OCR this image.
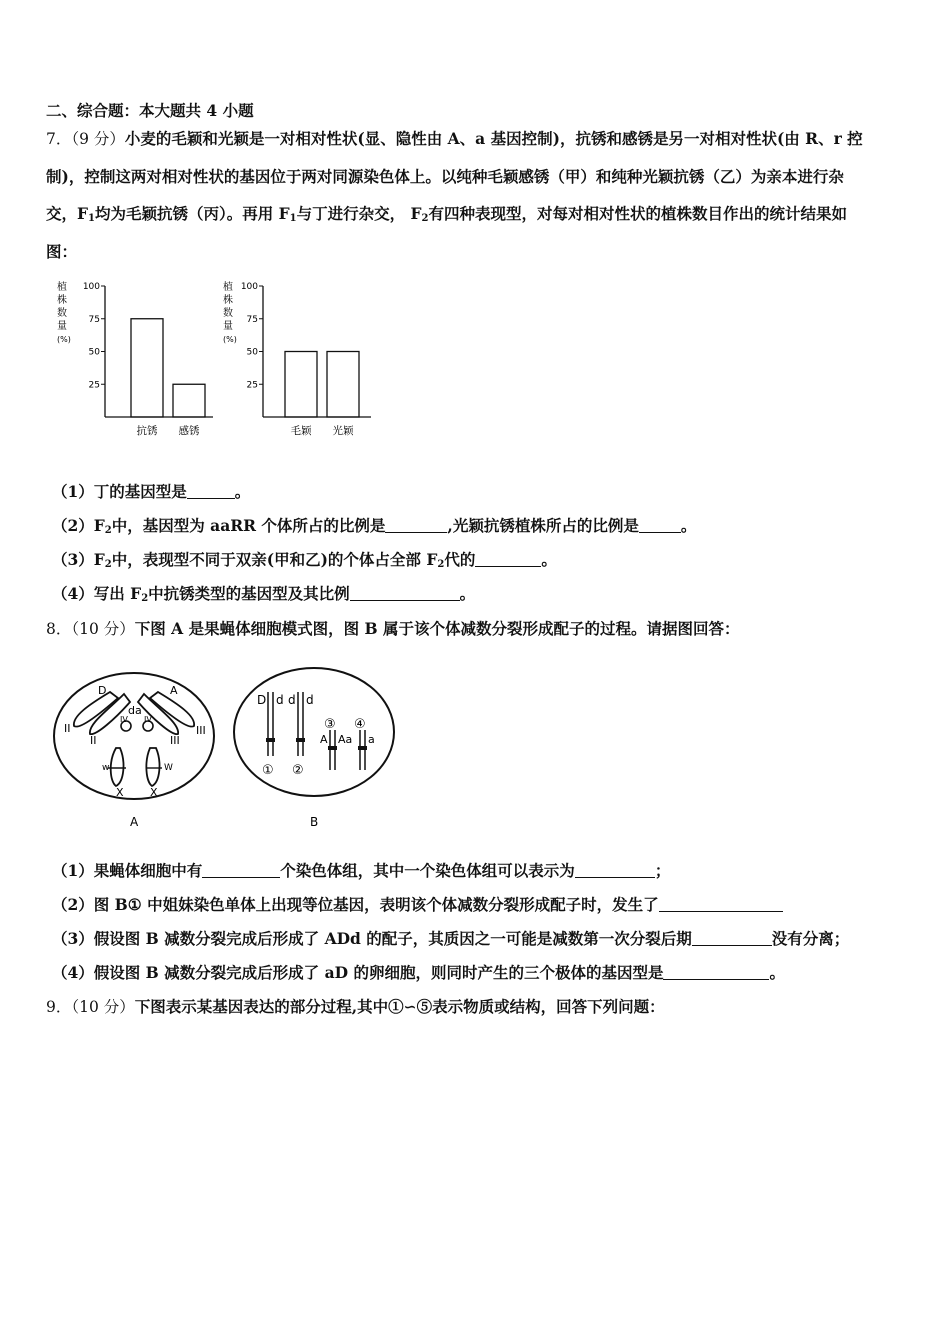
二、综合题：本大题共 4 小题
7．（9 分）小麦的毛颖和光颖是一对相对性状(显、隐性由 A、a 基因控制)，抗锈和感锈是另一对相对性状(由 R、r 控
制)，控制这两对相对性状的基因位于两对同源染色体上。以纯种毛颖感锈（甲）和纯种光颖抗锈（乙）为亲本进行杂
交，$F_1$均为毛颖抗锈（丙）。再用 $F_1$与丁进行杂交， $F_2$有四种表现型，对每对相对性状的植株数目作出的统计结果如
图：
植
株
数
量
(%)
100
75
50
25
抗锈 感锈
植
株
数
量
(%)
100
75
50
25
毛颖 光颖
（1）丁的基因型是	。
$(2)F_2$中，基因型为 aaRR 个体所占的比例是	,光颖抗锈植株所占的比例是	。
$(3)F_2$中，表现型不同于双亲(甲和乙)的个体占全部 $F_2$代的	。
（4）写出 $F_2$中抗锈类型的基因型及其比例	。
8．（10 分）下图 A 是果蝇体细胞模式图，图 B 属于该个体减数分裂形成配子的过程。请据图回答：
D	A
da
II
II	III
III
IV IV
w	W
X X
A
D d d d
③ ④
A Aa a
① ②
B
（1）果蝇体细胞中有	个染色体组，其中一个染色体组可以表示为	；
（2）图 B① 中姐妹染色单体上出现等位基因，表明该个体减数分裂形成配子时，发生了
（3）假设图 B 减数分裂完成后形成了 ADd 的配子，其质因之一可能是减数第一次分裂后期	没有分离；
（4）假设图 B 减数分裂完成后形成了 aD 的卵细胞，则同时产生的三个极体的基因型是	。
9．（10 分）下图表示某基因表达的部分过程,其中①∽⑤表示物质或结构，回答下列问题：
